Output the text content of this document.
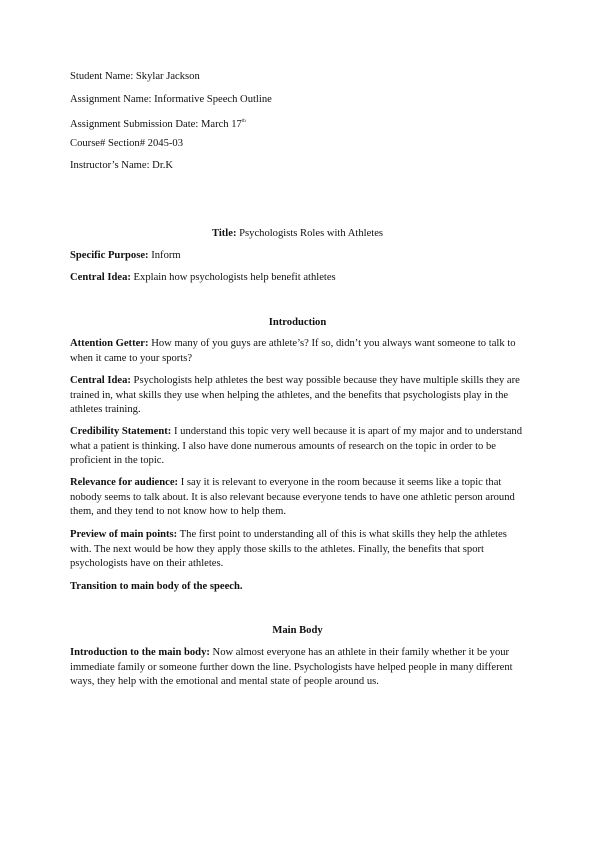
Student Name: Skylar Jackson
Assignment Name: Informative Speech Outline
Assignment Submission Date: March 17th
Course# Section# 2045-03
Instructor’s Name: Dr.K
Title: Psychologists Roles with Athletes
Specific Purpose: Inform
Central Idea: Explain how psychologists help benefit athletes
Introduction
Attention Getter: How many of you guys are athlete’s? If so, didn’t you always want someone to talk to when it came to your sports?
Central Idea: Psychologists help athletes the best way possible because they have multiple skills they are trained in, what skills they use when helping the athletes, and the benefits that psychologists play in the athletes training.
Credibility Statement: I understand this topic very well because it is apart of my major and to understand what a patient is thinking. I also have done numerous amounts of research on the topic in order to be proficient in the topic.
Relevance for audience: I say it is relevant to everyone in the room because it seems like a topic that nobody seems to talk about. It is also relevant because everyone tends to have one athletic person around them, and they tend to not know how to help them.
Preview of main points: The first point to understanding all of this is what skills they help the athletes with. The next would be how they apply those skills to the athletes. Finally, the benefits that sport psychologists have on their athletes.
Transition to main body of the speech.
Main Body
Introduction to the main body: Now almost everyone has an athlete in their family whether it be your immediate family or someone further down the line. Psychologists have helped people in many different ways, they help with the emotional and mental state of people around us.
